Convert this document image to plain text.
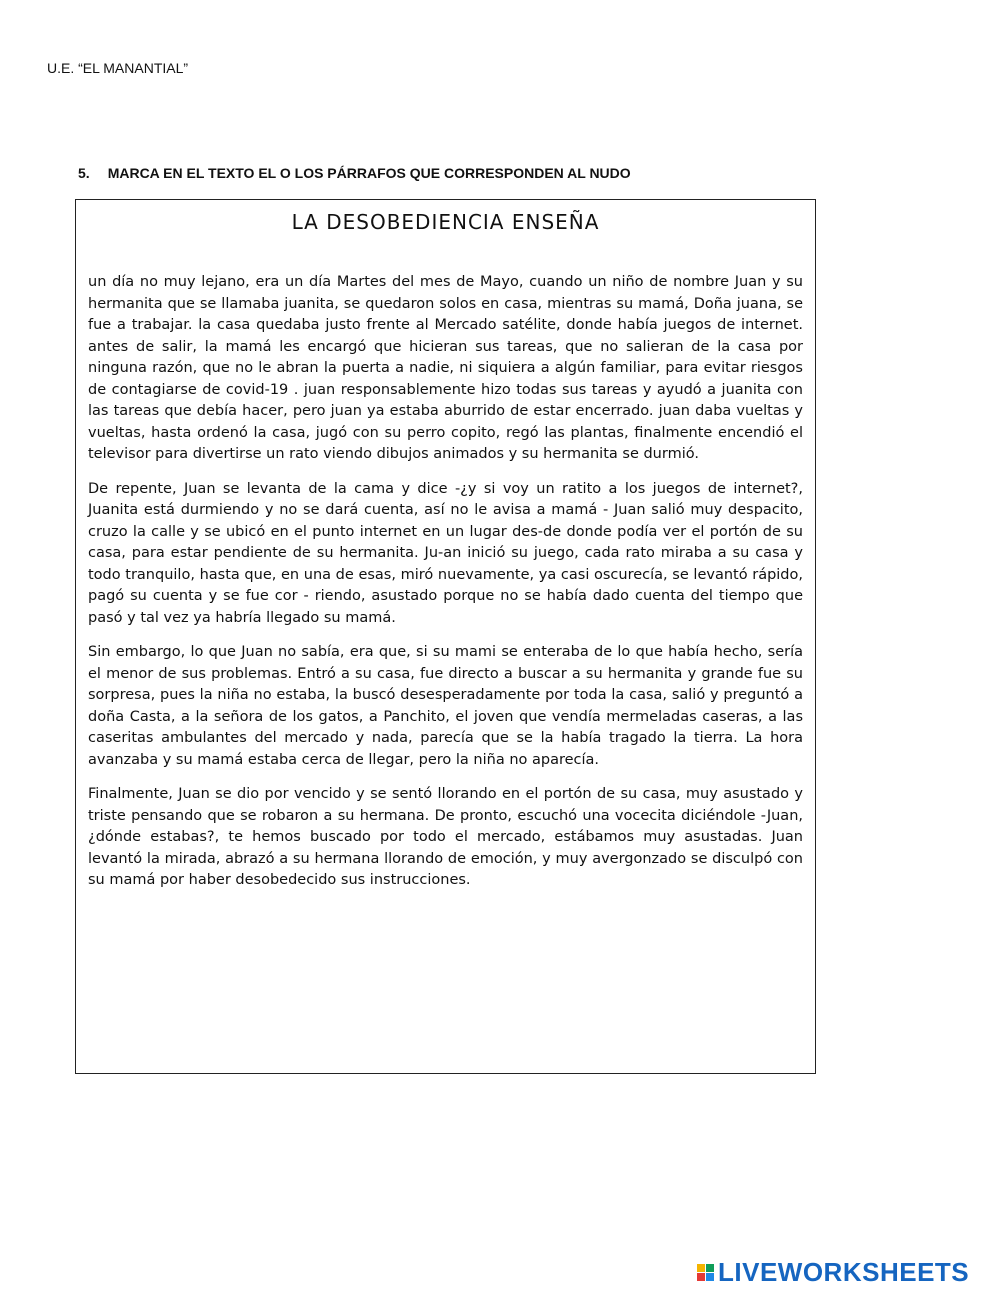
U.E. “EL MANANTIAL”
5. MARCA EN EL TEXTO EL O LOS PÁRRAFOS QUE CORRESPONDEN AL NUDO
LA DESOBEDIENCIA ENSEÑA

un día no muy lejano, era un día Martes del mes de Mayo, cuando un niño de nombre Juan y su hermanita que se llamaba juanita, se quedaron solos en casa, mientras su mamá, Doña juana, se fue a trabajar. la casa quedaba justo frente al Mercado satélite, donde había juegos de internet. antes de salir, la mamá les encargó que hicieran sus tareas, que no salieran de la casa por ninguna razón, que no le abran la puerta a nadie, ni siquiera a algún familiar, para evitar riesgos de contagiarse de covid-19 . juan responsablemente hizo todas sus tareas y ayudó a juanita con las tareas que debía hacer, pero juan ya estaba aburrido de estar encerrado. juan daba vueltas y vueltas, hasta ordenó la casa, jugó con su perro copito, regó las plantas, finalmente encendió el televisor para divertirse un rato viendo dibujos animados y su hermanita se durmió.

De repente, Juan se levanta de la cama y dice -¿y si voy un ratito a los juegos de internet?, Juanita está durmiendo y no se dará cuenta, así no le avisa a mamá - Juan salió muy despacito, cruzo la calle y se ubicó en el punto internet en un lugar des-de donde podía ver el portón de su casa, para estar pendiente de su hermanita. Ju-an inició su juego, cada rato miraba a su casa y todo tranquilo, hasta que, en una de esas, miró nuevamente, ya casi oscurecía, se levantó rápido, pagó su cuenta y se fue cor - riendo, asustado porque no se había dado cuenta del tiempo que pasó y tal vez ya habría llegado su mamá.

Sin embargo, lo que Juan no sabía, era que, si su mami se enteraba de lo que había hecho, sería el menor de sus problemas. Entró a su casa, fue directo a buscar a su hermanita y grande fue su sorpresa, pues la niña no estaba, la buscó desesperadamente por toda la casa, salió y preguntó a doña Casta, a la señora de los gatos, a Panchito, el joven que vendía mermeladas caseras, a las caseritas ambulantes del mercado y nada, parecía que se la había tragado la tierra. La hora avanzaba y su mamá estaba cerca de llegar, pero la niña no aparecía.

Finalmente, Juan se dio por vencido y se sentó llorando en el portón de su casa, muy asustado y triste pensando que se robaron a su hermana. De pronto, escuchó una vocecita diciéndole -Juan, ¿dónde estabas?, te hemos buscado por todo el mercado, estábamos muy asustadas. Juan levantó la mirada, abrazó a su hermana llorando de emoción, y muy avergonzado se disculpó con su mamá por haber desobedecido sus instrucciones.

LIVEWORKSHEETS
